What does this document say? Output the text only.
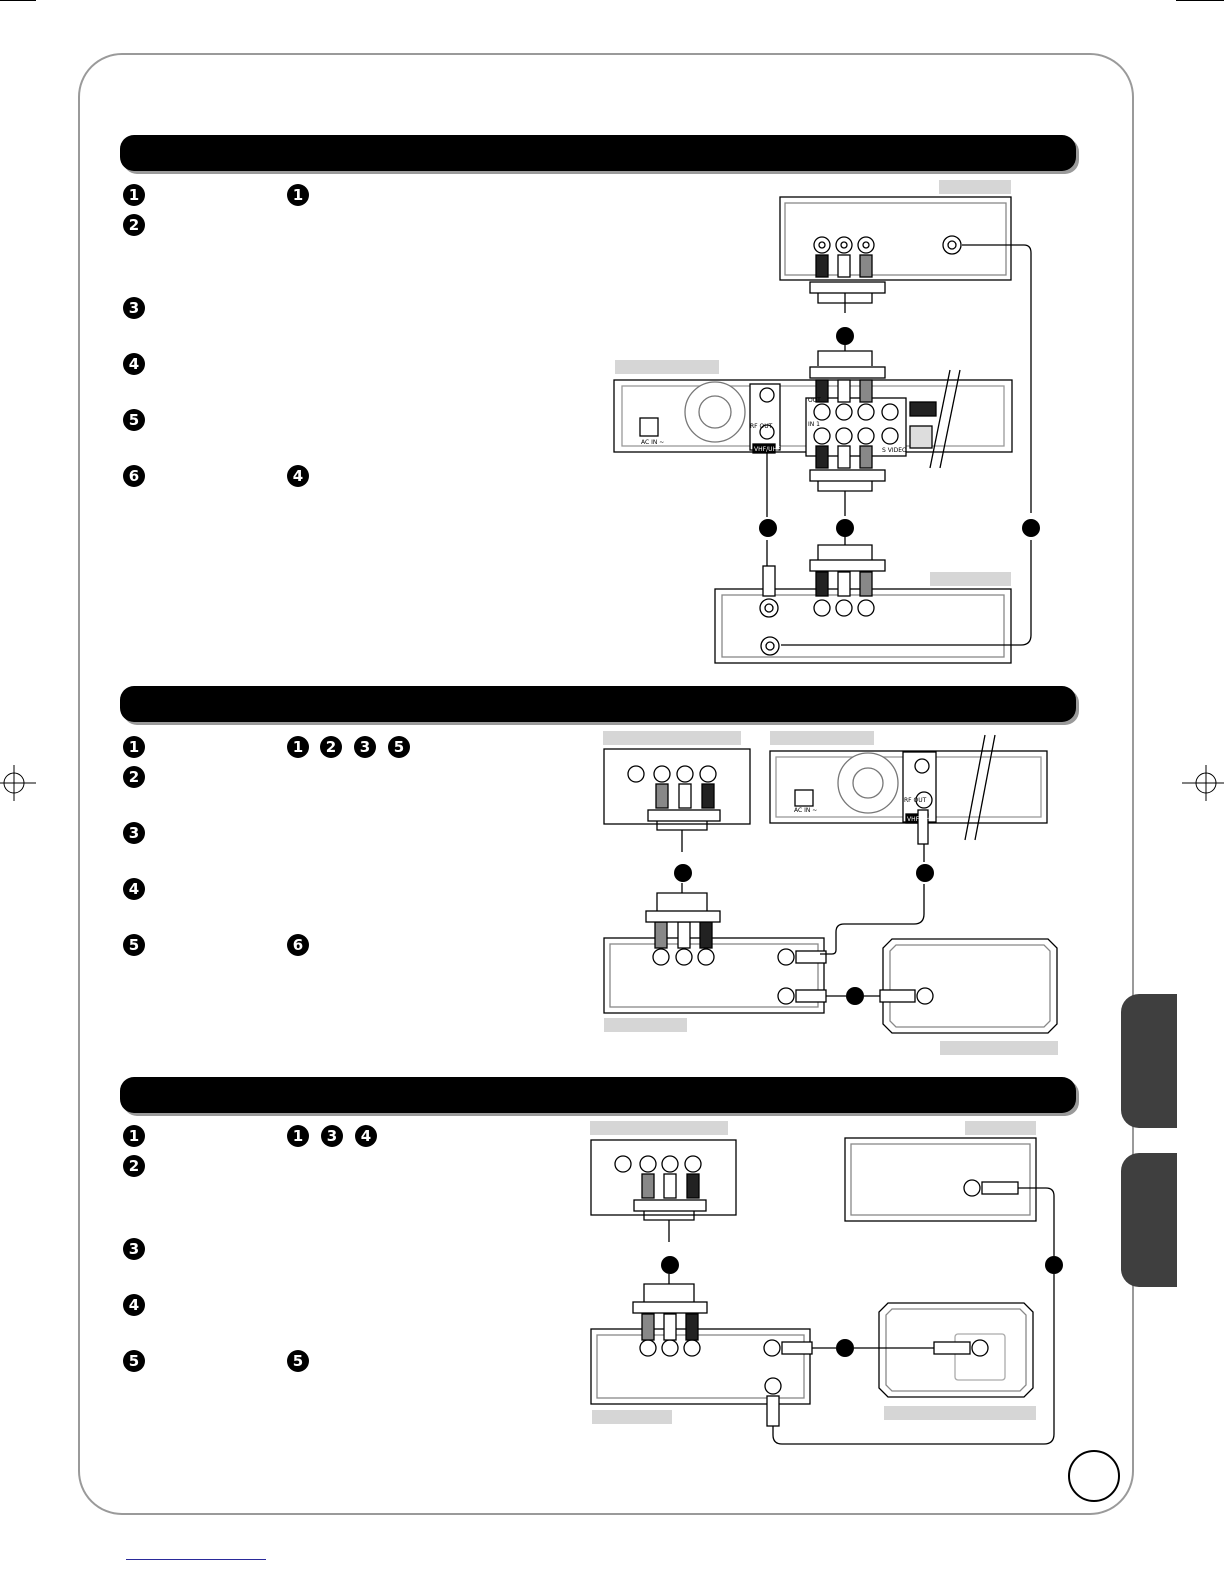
1	1
2
3
4
5
6	4
AC IN ~
RF OUT
VHF/UHF
OUT
IN 1
S VIDEO
1	1	2	3	5
2
3
4
5	6
AC IN ~
RF OUT
VHF/UHF
1	1	3	4
2
3
4
5	5
